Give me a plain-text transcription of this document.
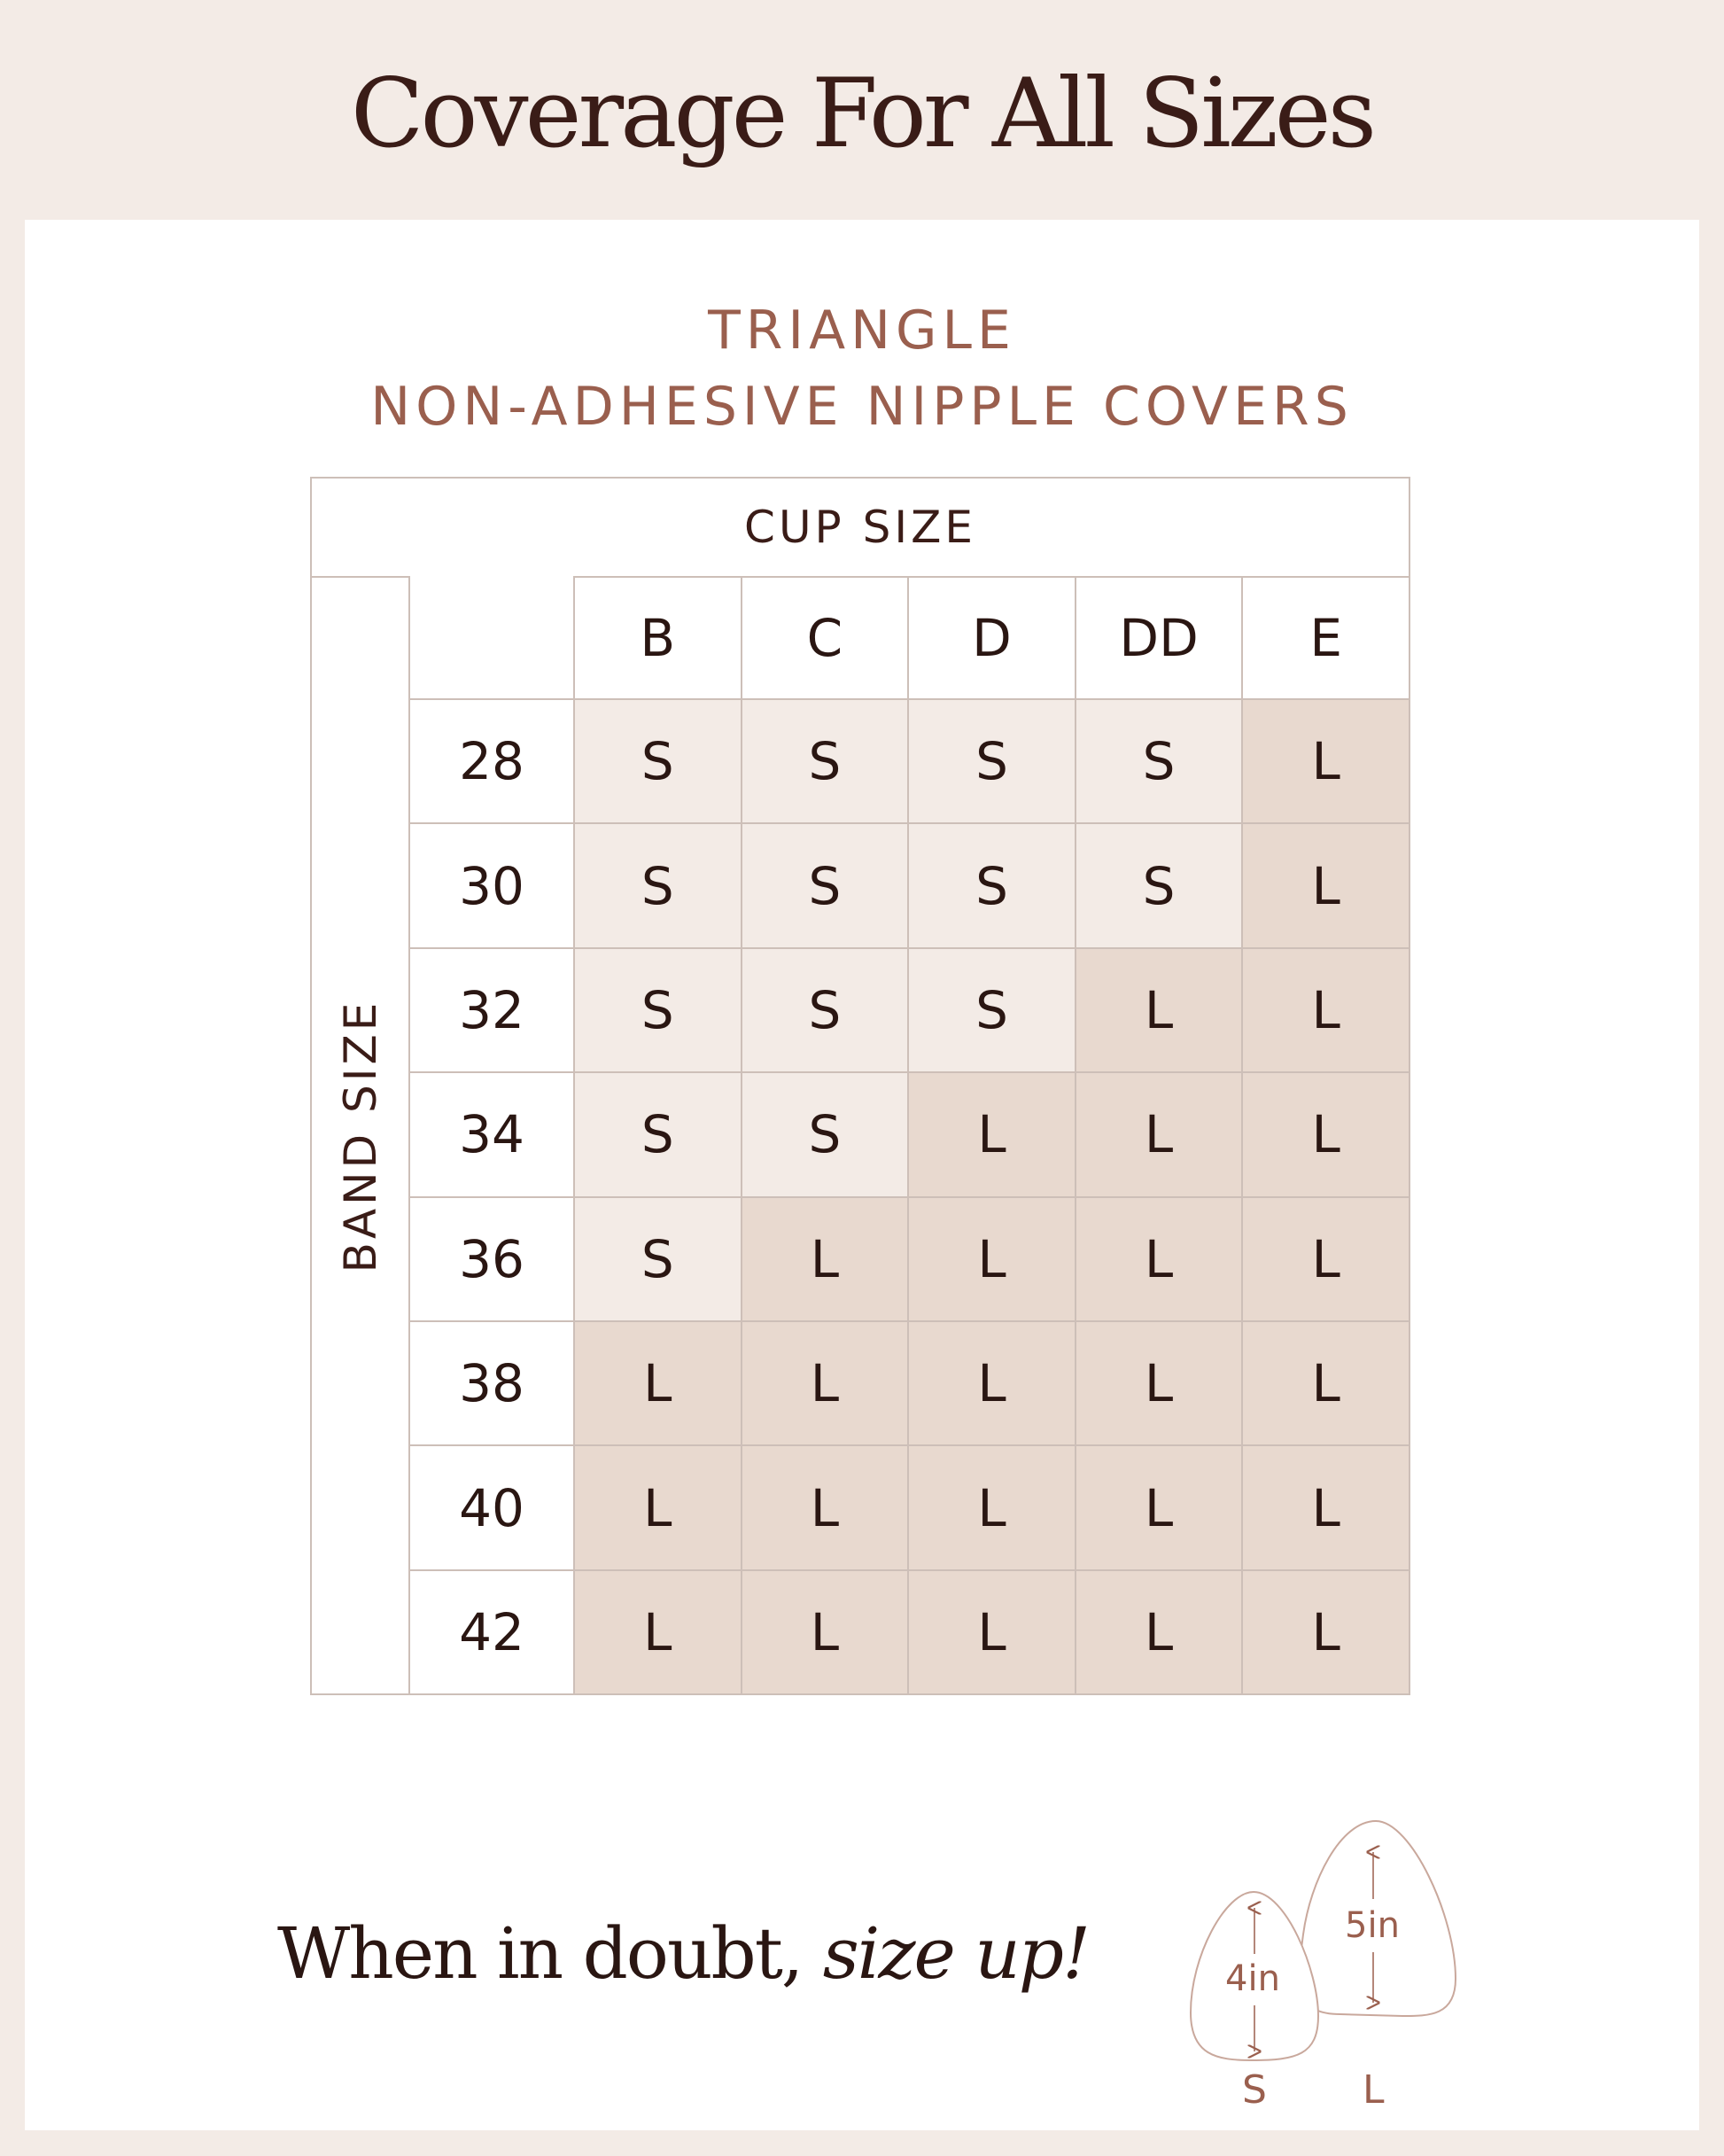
Coverage For All Sizes
TRIANGLE
NON-ADHESIVE NIPPLE COVERS
CUP SIZE
BAND SIZE
B	C	D	DD	E
28	S	S	S	S	L
30	S	S	S	S	L
32	S	S	S	L	L
34	S	S	L	L	L
36	S	L	L	L	L
38	L	L	L	L	L
40	L	L	L	L	L
42	L	L	L	L	L
When in doubt, size up!	4in
5in
S L
